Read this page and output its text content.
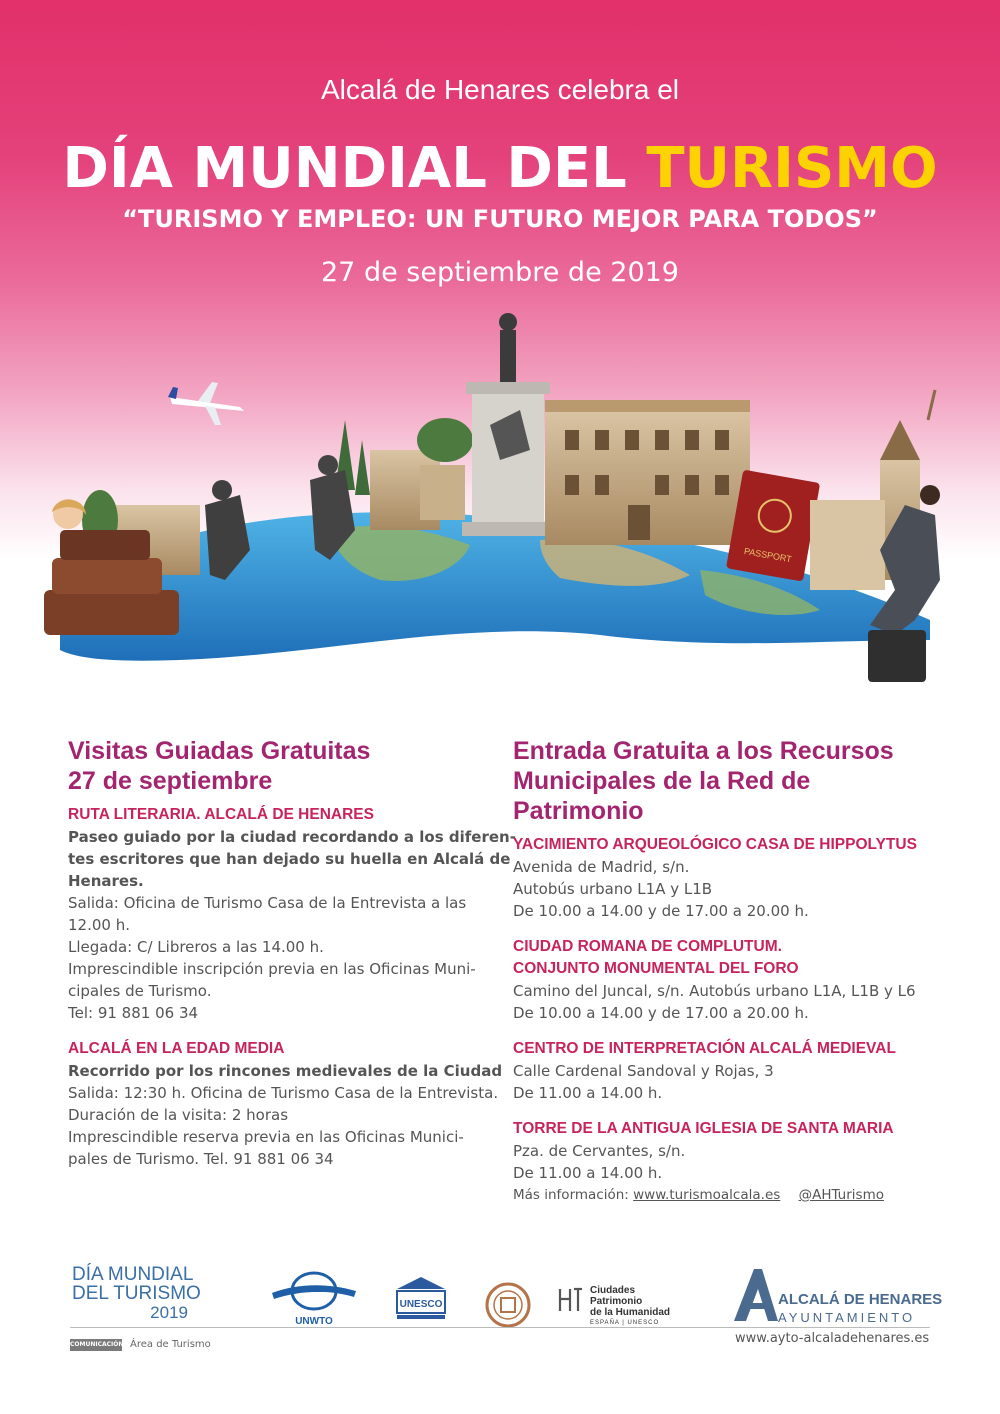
Alcalá de Henares celebra el
DÍA MUNDIAL DEL TURISMO
“TURISMO Y EMPLEO: UN FUTURO MEJOR PARA TODOS”
27 de septiembre de 2019
PASSPORT
Visitas Guiadas Gratuitas
27 de septiembre
RUTA LITERARIA. ALCALÁ DE HENARES
Paseo guiado por la ciudad recordando a los diferen-
tes escritores que han dejado su huella en Alcalá de
Henares.
Salida: Oficina de Turismo Casa de la Entrevista a las
12.00 h.
Llegada: C/ Libreros a las 14.00 h.
Imprescindible inscripción previa en las Oficinas Muni-
cipales de Turismo.
Tel: 91 881 06 34
ALCALÁ EN LA EDAD MEDIA
Recorrido por los rincones medievales de la Ciudad
Salida: 12:30 h. Oficina de Turismo Casa de la Entrevista.
Duración de la visita: 2 horas
Imprescindible reserva previa en las Oficinas Munici-
pales de Turismo. Tel. 91 881 06 34
Entrada Gratuita a los Recursos
Municipales de la Red de Patrimonio
YACIMIENTO ARQUEOLÓGICO CASA DE HIPPOLYTUS
Avenida de Madrid, s/n.
Autobús urbano L1A y L1B
De 10.00 a 14.00 y de 17.00 a 20.00 h.
CIUDAD ROMANA DE COMPLUTUM.
CONJUNTO MONUMENTAL DEL FORO
Camino del Juncal, s/n. Autobús urbano L1A, L1B y L6
De 10.00 a 14.00 y de 17.00 a 20.00 h.
CENTRO DE INTERPRETACIÓN ALCALÁ MEDIEVAL
Calle Cardenal Sandoval y Rojas, 3
De 11.00 a 14.00 h.
TORRE DE LA ANTIGUA IGLESIA DE SANTA MARIA
Pza. de Cervantes, s/n.
De 11.00 a 14.00 h.
Más información: www.turismoalcala.es @AHTurismo
DÍA MUNDIAL
DEL TURISMO
2019	UNWTO
UNESCO
Ciudades
Patrimonio
de la Humanidad
ESPAÑA | UNESCO
ALCALÁ DE HENARES
AYUNTAMIENTO
COMUNICACIÓN Área de Turismo	www.ayto-alcaladehenares.es
